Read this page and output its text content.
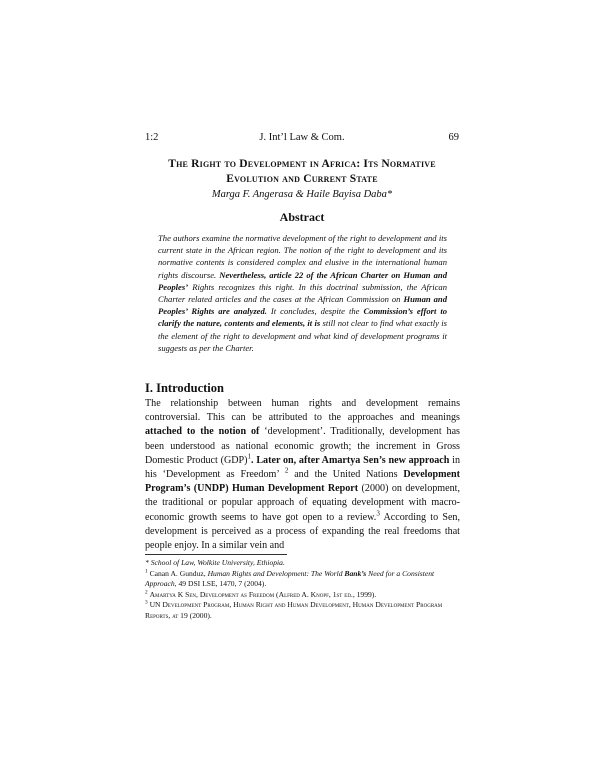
1:2	J. Int’l Law & Com.	69
The Right to Development in Africa: Its Normative
Evolution and Current State
Marga F. Angerasa & Haile Bayisa Daba*
Abstract
The authors examine the normative development of the right to development and its current state in the African region. The notion of the right to development and its normative contents is considered complex and elusive in the international human rights discourse. Nevertheless, article 22 of the African Charter on Human and Peoples’ Rights recognizes this right. In this doctrinal submission, the African Charter related articles and the cases at the African Commission on Human and Peoples’ Rights are analyzed. It concludes, despite the Commission’s effort to clarify the nature, contents and elements, it is still not clear to find what exactly is the element of the right to development and what kind of development programs it suggests as per the Charter.
I. Introduction
The relationship between human rights and development remains controversial. This can be attributed to the approaches and meanings attached to the notion of ‘development’. Traditionally, development has been understood as national economic growth; the increment in Gross Domestic Product (GDP)$^1$. Later on, after Amartya Sen’s new approach in his ‘Development as Freedom’ $^2$ and the United Nations Development Program’s (UNDP) Human Development Report (2000) on development, the traditional or popular approach of equating development with macro-economic growth seems to have got open to a review.$^3$ According to Sen, development is perceived as a process of expanding the real freedoms that people enjoy. In a similar vein and

* School of Law, Wolkite University, Ethiopia.

$^1$ Canan A. Gunduz, Human Rights and Development: The World Bank’s Need for a Consistent Approach, 49 DSI LSE, 1470, 7 (2004).

$^2$ Amartya K Sen, Development as Freedom (Alfred A. Knopf, 1st ed., 1999).

$^3$ UN Development Program, Human Right and Human Development, Human Development Program Reports, at 19 (2000).
